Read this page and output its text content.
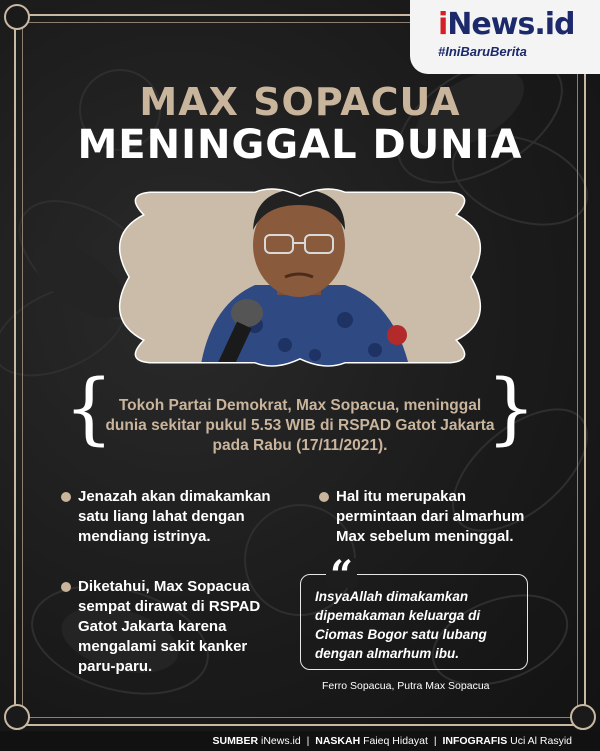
iNews.id
#IniBaruBerita
MAX SOPACUA
MENINGGAL DUNIA
{	}
Tokoh Partai Demokrat, Max Sopacua, meninggal dunia sekitar pukul 5.53 WIB di RSPAD Gatot Jakarta pada Rabu (17/11/2021).
Jenazah akan dimakamkan satu liang lahat dengan mendiang istrinya.
Hal itu merupakan permintaan dari almarhum Max sebelum meninggal.
Diketahui, Max Sopacua sempat dirawat di RSPAD Gatot Jakarta karena mengalami sakit kanker paru-paru.
InsyaAllah dimakamkan dipemakaman keluarga di Ciomas Bogor satu lubang dengan almarhum ibu.
“
Ferro Sopacua, Putra Max Sopacua
SUMBER iNews.id | NASKAH Faieq Hidayat | INFOGRAFIS Uci Al Rasyid
